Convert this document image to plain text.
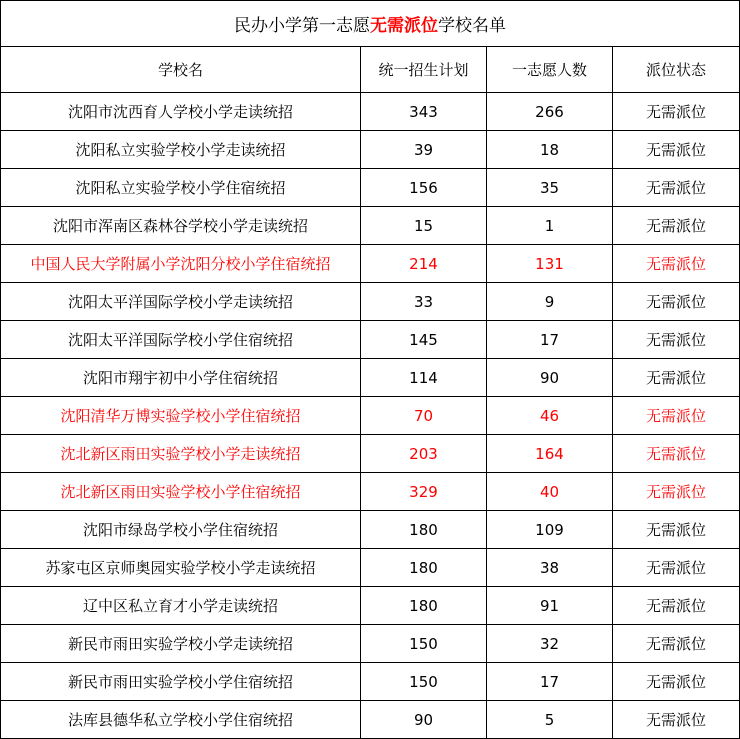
民办小学第一志愿无需派位学校名单			
学校名	统一招生计划	一志愿人数	派位状态
沈阳市沈西育人学校小学走读统招	343	266	无需派位
沈阳私立实验学校小学走读统招	39	18	无需派位
沈阳私立实验学校小学住宿统招	156	35	无需派位
沈阳市浑南区森林谷学校小学走读统招	15	1	无需派位
中国人民大学附属小学沈阳分校小学住宿统招	214	131	无需派位
沈阳太平洋国际学校小学走读统招	33	9	无需派位
沈阳太平洋国际学校小学住宿统招	145	17	无需派位
沈阳市翔宇初中小学住宿统招	114	90	无需派位
沈阳清华万博实验学校小学住宿统招	70	46	无需派位
沈北新区雨田实验学校小学走读统招	203	164	无需派位
沈北新区雨田实验学校小学住宿统招	329	40	无需派位
沈阳市绿岛学校小学住宿统招	180	109	无需派位
苏家屯区京师奥园实验学校小学走读统招	180	38	无需派位
辽中区私立育才小学走读统招	180	91	无需派位
新民市雨田实验学校小学走读统招	150	32	无需派位
新民市雨田实验学校小学住宿统招	150	17	无需派位
法库县德华私立学校小学住宿统招	90	5	无需派位
